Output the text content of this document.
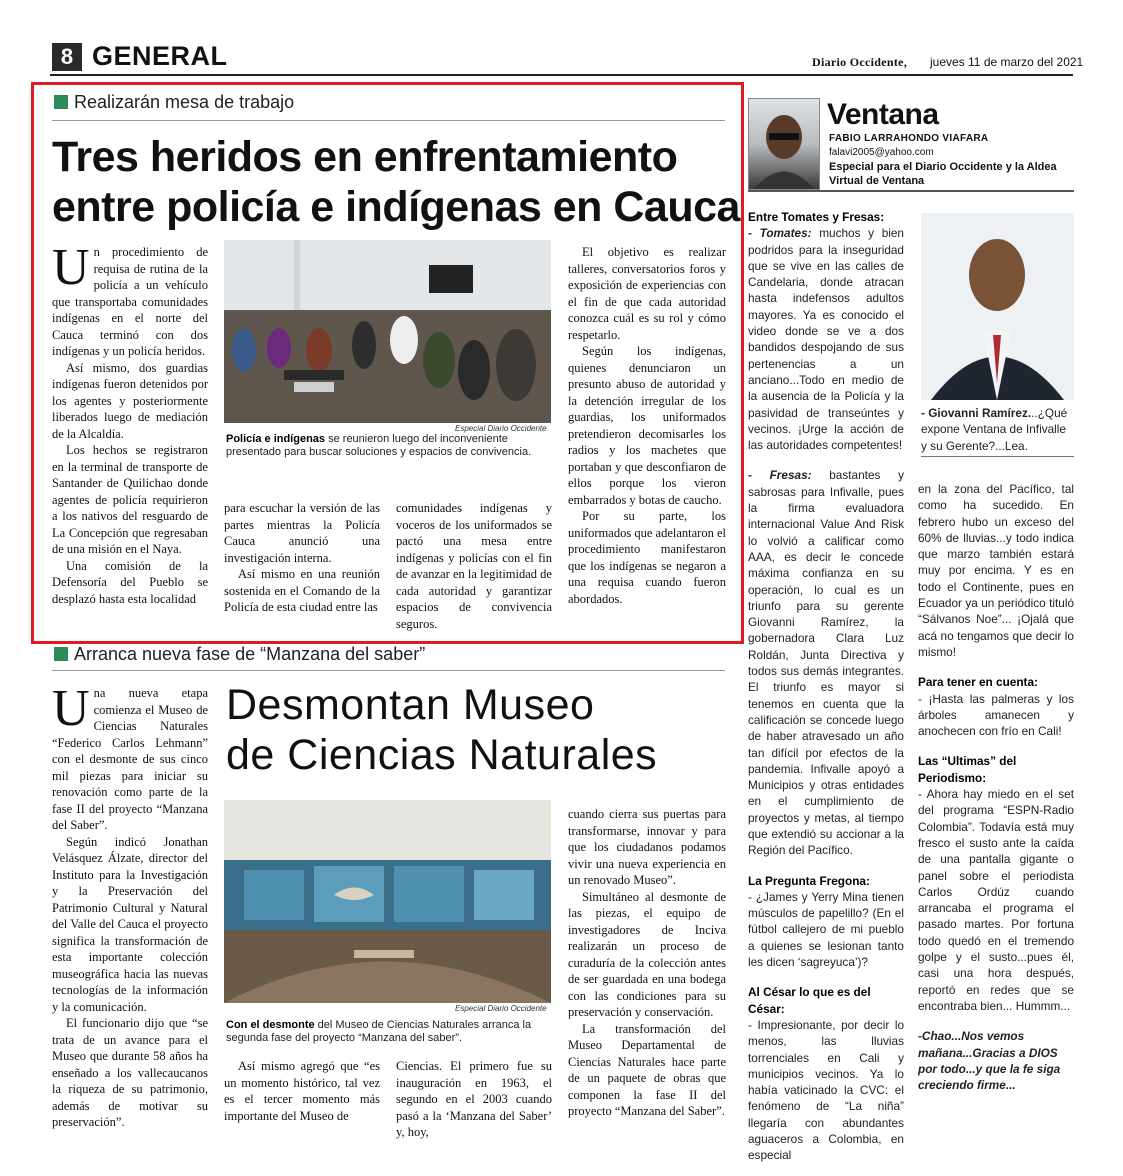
8 GENERAL	Diario Occidente, jueves 11 de marzo del 2021
Realizarán mesa de trabajo
Tres heridos en enfrentamiento
entre policía e indígenas en Cauca

Un procedimiento de requisa de rutina de la policía a un vehículo que transportaba comunidades indígenas en el norte del Cauca terminó con dos indígenas y un policía heridos.

Así mismo, dos guardias indígenas fueron detenidos por los agentes y posteriormente liberados luego de mediación de la Alcaldía.

Los hechos se registraron en la terminal de transporte de Santander de Quilichao donde agentes de policía requirieron a los nativos del resguardo de La Concepción que regresaban de una misión en el Naya.

Una comisión de la Defensoría del Pueblo se desplazó hasta esta localidad

Especial Diario Occidente
Policía e indígenas se reunieron luego del inconveniente presentado para buscar soluciones y espacios de convivencia.

para escuchar la versión de las partes mientras la Policía Cauca anunció una investigación interna.

Así mismo en una reunión sostenida en el Comando de la Policía de esta ciudad entre las

comunidades indígenas y voceros de los uniformados se pactó una mesa entre indígenas y policías con el fin de avanzar en la legitimidad de cada autoridad y garantizar espacios de convivencia seguros.

El objetivo es realizar talleres, conversatorios foros y exposición de experiencias con el fin de que cada autoridad conozca cuál es su rol y cómo respetarlo.

Según los indígenas, quienes denunciaron un presunto abuso de autoridad y la detención irregular de los guardias, los uniformados pretendieron decomisarles los radios y los machetes que portaban y que desconfiaron de ellos porque los vieron embarrados y botas de caucho.

Por su parte, los uniformados que adelantaron el procedimiento manifestaron que los indígenas se negaron a una requisa cuando fueron abordados.

Arranca nueva fase de “Manzana del saber”
Desmontan Museo
de Ciencias Naturales

Una nueva etapa comienza el Museo de Ciencias Naturales “Federico Carlos Lehmann” con el desmonte de sus cinco mil piezas para iniciar su renovación como parte de la fase II del proyecto “Manzana del Saber”.

Según indicó Jonathan Velásquez Álzate, director del Instituto para la Investigación y la Preservación del Patrimonio Cultural y Natural del Valle del Cauca el proyecto significa la transformación de esta importante colección museográfica hacia las nuevas tecnologías de la información y la comunicación.

El funcionario dijo que “se trata de un avance para el Museo que durante 58 años ha enseñado a los vallecaucanos la riqueza de su patrimonio, además de motivar su preservación”.

Especial Diario Occidente
Con el desmonte del Museo de Ciencias Naturales arranca la segunda fase del proyecto “Manzana del saber”.

Así mismo agregó que “es un momento histórico, tal vez es el tercer momento más importante del Museo de

Ciencias. El primero fue su inauguración en 1963, el segundo en el 2003 cuando pasó a la ‘Manzana del Saber’ y, hoy,

cuando cierra sus puertas para transformarse, innovar y para que los ciudadanos podamos vivir una nueva experiencia en un renovado Museo”.

Simultáneo al desmonte de las piezas, el equipo de investigadores de Inciva realizarán un proceso de curaduría de la colección antes de ser guardada en una bodega con las condiciones para su preservación y conservación.

La transformación del Museo Departamental de Ciencias Naturales hace parte de un paquete de obras que componen la fase II del proyecto “Manzana del Saber”.

Ventana
FABIO LARRAHONDO VIAFARA
falavi2005@yahoo.com
Especial para el Diario Occidente y la Aldea Virtual de Ventana
Entre Tomates y Fresas:
- Tomates: muchos y bien podridos para la inseguridad que se vive en las calles de Candelaria, donde atracan hasta indefensos adultos mayores. Ya es conocido el video donde se ve a dos bandidos despojando de sus pertenencias a un anciano...Todo en medio de la ausencia de la Policía y la pasividad de transeúntes y vecinos. ¡Urge la acción de las autoridades competentes!
- Fresas: bastantes y sabrosas para Infivalle, pues la firma evaluadora internacional Value And Risk lo volvió a calificar como AAA, es decir le concede máxima confianza en su operación, lo cual es un triunfo para su gerente Giovanni Ramírez, la gobernadora Clara Luz Roldán, Junta Directiva y todos sus demás integrantes. El triunfo es mayor si tenemos en cuenta que la calificación se concede luego de haber atravesado un año tan difícil por efectos de la pandemia. Infivalle apoyó a Municipios y otras entidades en el cumplimiento de proyectos y metas, al tiempo que extendió su accionar a la Región del Pacífico.
La Pregunta Fregona:
- ¿James y Yerry Mina tienen músculos de papelillo? (En el fútbol callejero de mi pueblo a quienes se lesionan tanto les dicen ‘sagreyuca’)?
Al César lo que es del César:
- Impresionante, por decir lo menos, las lluvias torrenciales en Cali y municipios vecinos. Ya lo había vaticinado la CVC: el fenómeno de “La niña” llegaría con abundantes aguaceros a Colombia, en especial
- Giovanni Ramírez...¿Qué expone Ventana de Infivalle y su Gerente?...Lea.
en la zona del Pacífico, tal como ha sucedido. En febrero hubo un exceso del 60% de lluvias...y todo indica que marzo también estará muy por encima. Y es en todo el Continente, pues en Ecuador ya un periódico tituló “Sálvanos Noe”... ¡Ojalá que acá no tengamos que decir lo mismo!
Para tener en cuenta:
- ¡Hasta las palmeras y los árboles amanecen y anochecen con frío en Cali!
Las “Ultimas” del Periodismo:
- Ahora hay miedo en el set del programa “ESPN-Radio Colombia”. Todavía está muy fresco el susto ante la caída de una pantalla gigante o panel sobre el periodista Carlos Ordúz cuando arrancaba el programa el pasado martes. Por fortuna todo quedó en el tremendo golpe y el susto...pues él, casi una hora después, reportó en redes que se encontraba bien... Hummm...
-Chao...Nos vemos mañana...Gracias a DIOS por todo...y que la fe siga creciendo firme...
